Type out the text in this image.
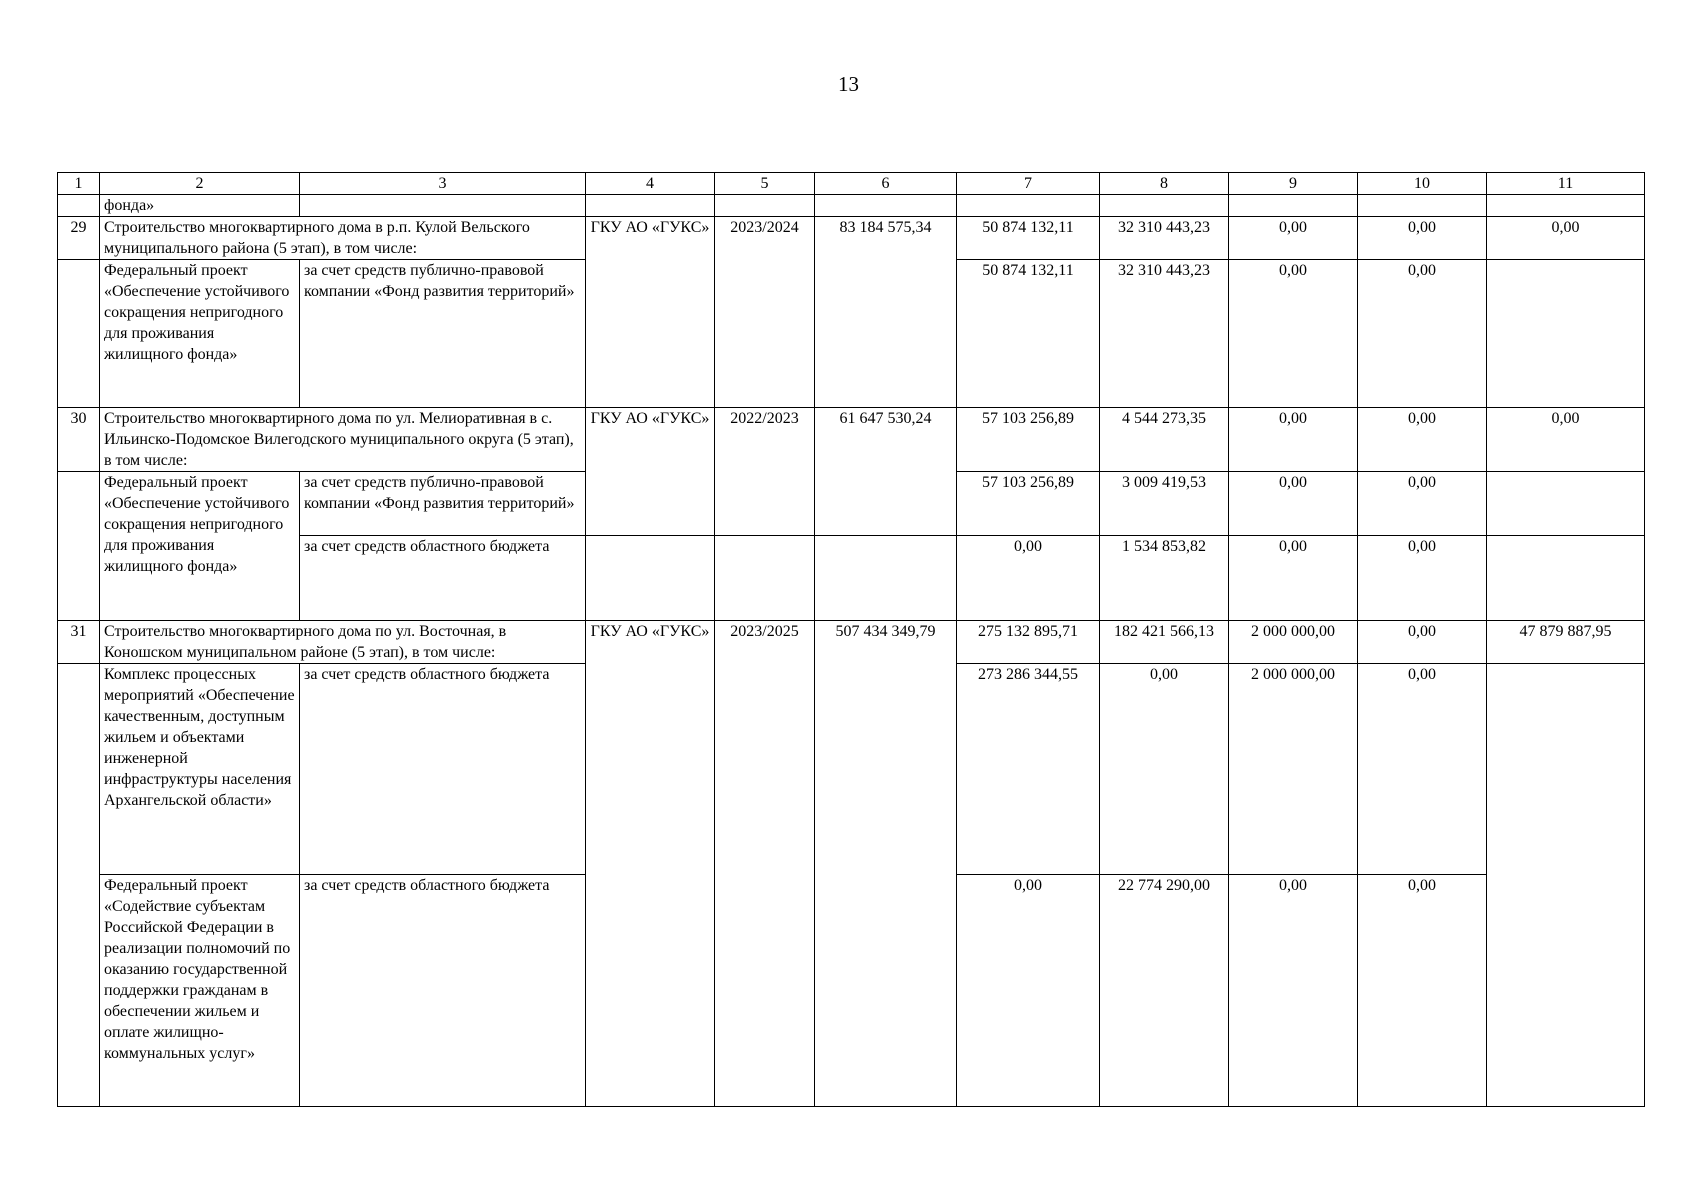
13
1	2	3	4	5	6	7	8	9	10	11
	фонда»									
29	Строительство многоквартирного дома в р.п. Кулой Вельского муниципального района (5 этап), в том числе:		ГКУ АО «ГУКС»	2023/2024	83 184 575,34	50 874 132,11	32 310 443,23	0,00	0,00	0,00
	Федеральный проект «Обеспечение устойчивого сокращения непригодного для проживания жилищного фонда»	за счет средств публично-правовой компании «Фонд развития территорий»				50 874 132,11	32 310 443,23	0,00	0,00	
30	Строительство многоквартирного дома по ул. Мелиоративная в с. Ильинско-Подомское Вилегодского муниципального округа (5 этап), в том числе:		ГКУ АО «ГУКС»	2022/2023	61 647 530,24	57 103 256,89	4 544 273,35	0,00	0,00	0,00
	Федеральный проект «Обеспечение устойчивого сокращения непригодного для проживания жилищного фонда»	за счет средств публично-правовой компании «Фонд развития территорий»				57 103 256,89	3 009 419,53	0,00	0,00	
		за счет средств областного бюджета				0,00	1 534 853,82	0,00	0,00	
31	Строительство многоквартирного дома по ул. Восточная, в Коношском муниципальном районе (5 этап), в том числе:		ГКУ АО «ГУКС»	2023/2025	507 434 349,79	275 132 895,71	182 421 566,13	2 000 000,00	0,00	47 879 887,95
	Комплекс процессных мероприятий «Обеспечение качественным, доступным жильем и объектами инженерной инфраструктуры населения Архангельской области»	за счет средств областного бюджета				273 286 344,55	0,00	2 000 000,00	0,00	
	Федеральный проект «Содействие субъектам Российской Федерации в реализации полномочий по оказанию государственной поддержки гражданам в обеспечении жильем и оплате жилищно-коммунальных услуг»	за счет средств областного бюджета				0,00	22 774 290,00	0,00	0,00	
